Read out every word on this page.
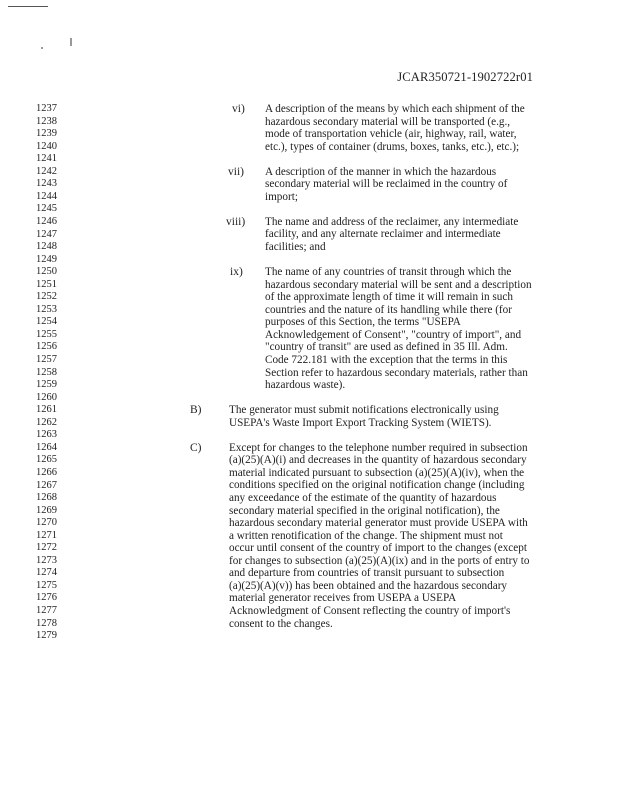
JCAR350721-1902722r01
1237
1238
1239
1240
1241
1242
1243
1244
1245
1246
1247
1248
1249
1250
1251
1252
1253
1254
1255
1256
1257
1258
1259
1260
1261
1262
1263
1264
1265
1266
1267
1268
1269
1270
1271
1272
1273
1274
1275
1276
1277
1278
1279
vi) A description of the means by which each shipment of the
hazardous secondary material will be transported (e.g.,
mode of transportation vehicle (air, highway, rail, water,
etc.), types of container (drums, boxes, tanks, etc.), etc.);
vii) A description of the manner in which the hazardous
secondary material will be reclaimed in the country of
import;
viii) The name and address of the reclaimer, any intermediate
facility, and any alternate reclaimer and intermediate
facilities; and
ix) The name of any countries of transit through which the
hazardous secondary material will be sent and a description
of the approximate length of time it will remain in such
countries and the nature of its handling while there (for
purposes of this Section, the terms "USEPA
Acknowledgement of Consent", "country of import", and
"country of transit" are used as defined in 35 Ill. Adm.
Code 722.181 with the exception that the terms in this
Section refer to hazardous secondary materials, rather than
hazardous waste).
B) The generator must submit notifications electronically using
USEPA's Waste Import Export Tracking System (WIETS).
C) Except for changes to the telephone number required in subsection
(a)(25)(A)(i) and decreases in the quantity of hazardous secondary
material indicated pursuant to subsection (a)(25)(A)(iv), when the
conditions specified on the original notification change (including
any exceedance of the estimate of the quantity of hazardous
secondary material specified in the original notification), the
hazardous secondary material generator must provide USEPA with
a written renotification of the change. The shipment must not
occur until consent of the country of import to the changes (except
for changes to subsection (a)(25)(A)(ix) and in the ports of entry to
and departure from countries of transit pursuant to subsection
(a)(25)(A)(v)) has been obtained and the hazardous secondary
material generator receives from USEPA a USEPA
Acknowledgment of Consent reflecting the country of import's
consent to the changes.
